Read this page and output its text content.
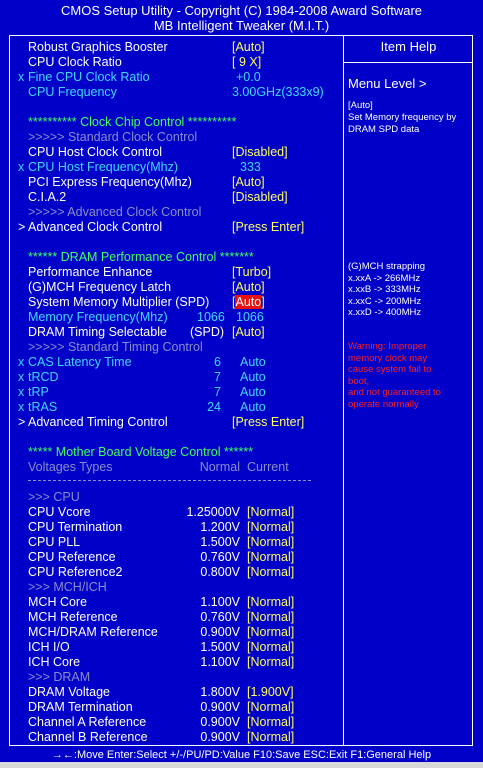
CMOS Setup Utility - Copyright (C) 1984-2008 Award Software
MB Intelligent Tweaker (M.I.T.)
Item Help
Menu Level >
[Auto]
Set Memory frequency by DRAM SPD data
(G)MCH strapping
x.xxA -> 266MHz
x.xxB -> 333MHz
x.xxC -> 200MHz
x.xxD -> 400MHz
Warning: Improper
memory clock may
cause system fail to
boot,
and not guaranteed to
operate normally
Robust Graphics Booster	[Auto]
CPU Clock Ratio	[ 9 X]
x Fine CPU Clock Ratio	+0.0
CPU Frequency	3.00GHz(333x9)
********** Clock Chip Control **********
>>>>> Standard Clock Control
CPU Host Clock Control	[Disabled]
x CPU Host Frequency(Mhz)	333
PCI Express Frequency(Mhz)	[Auto]
C.I.A.2	[Disabled]
>>>>> Advanced Clock Control
> Advanced Clock Control	[Press Enter]
****** DRAM Performance Control *******
Performance Enhance	[Turbo]
(G)MCH Frequency Latch	[Auto]
System Memory Multiplier (SPD) [Auto]
Memory Frequency(Mhz) 1066 1066
DRAM Timing Selectable (SPD) [Auto]
>>>>> Standard Timing Control
x CAS Latency Time	6 Auto
x tRCD	7 Auto
x tRP	7 Auto
x tRAS	24 Auto
> Advanced Timing Control	[Press Enter]
***** Mother Board Voltage Control ******
Voltages Types	Normal Current
>>> CPU
CPU Vcore	1.25000V [Normal]
CPU Termination	1.200V [Normal]
CPU PLL	1.500V [Normal]
CPU Reference	0.760V [Normal]
CPU Reference2	0.800V [Normal]
>>> MCH/ICH
MCH Core	1.100V [Normal]
MCH Reference	0.760V [Normal]
MCH/DRAM Reference	0.900V [Normal]
ICH I/O	1.500V [Normal]
ICH Core	1.100V [Normal]
>>> DRAM
DRAM Voltage	1.800V [1.900V]
DRAM Termination	0.900V [Normal]
Channel A Reference	0.900V [Normal]
Channel B Reference	0.900V [Normal]
→←:Move Enter:Select +/-/PU/PD:Value F10:Save ESC:Exit F1:General Help
